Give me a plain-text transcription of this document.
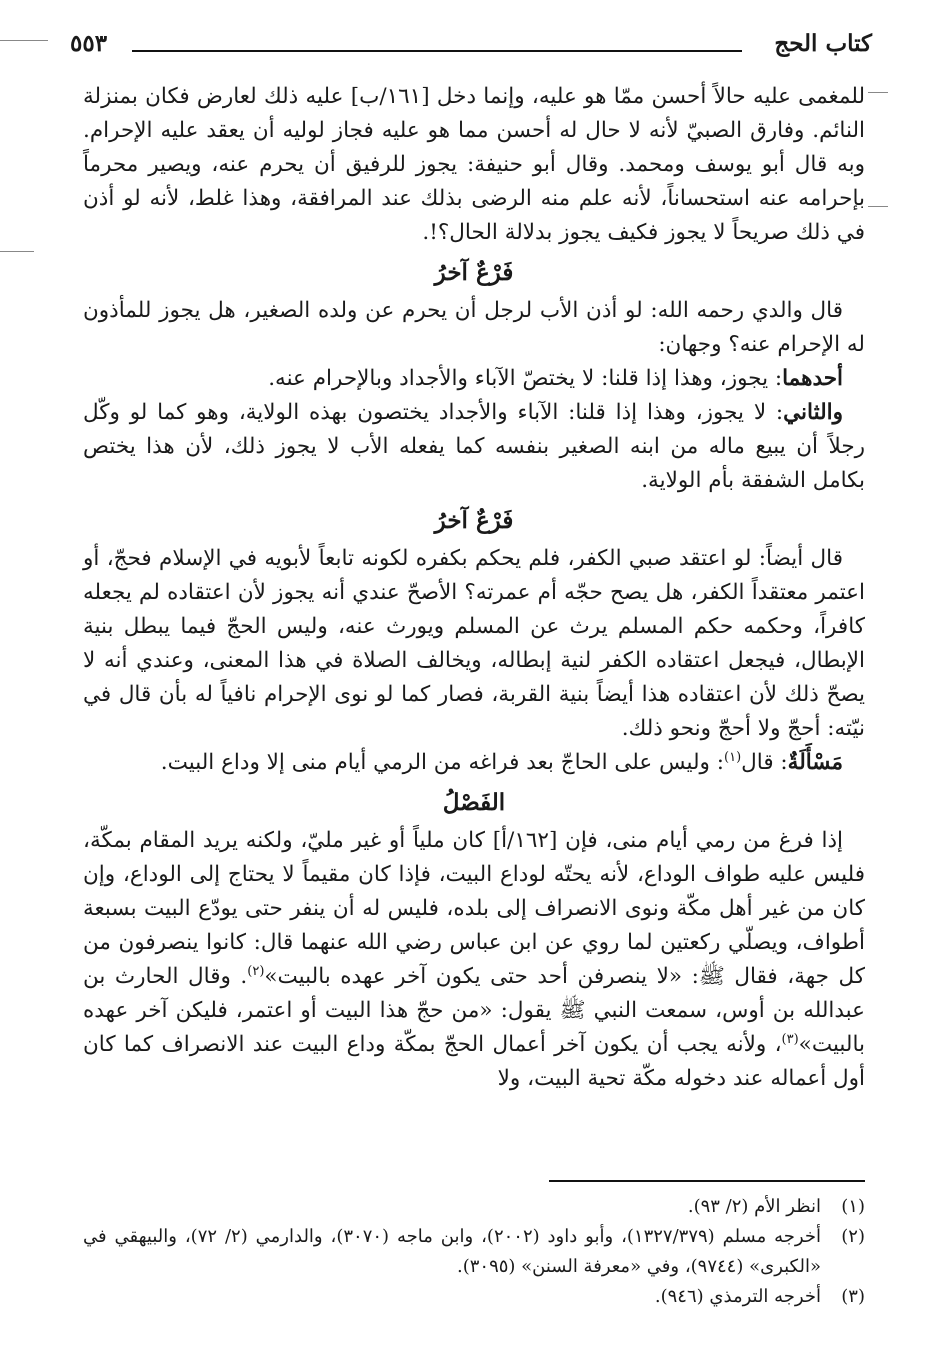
كتاب الحج
٥٥٣

للمغمى عليه حالاً أحسن ممّا هو عليه، وإنما دخل [١٦١/ب] عليه ذلك لعارض فكان بمنزلة النائم. وفارق الصبيّ لأنه لا حال له أحسن مما هو عليه فجاز لوليه أن يعقد عليه الإحرام. وبه قال أبو يوسف ومحمد. وقال أبو حنيفة: يجوز للرفيق أن يحرم عنه، ويصير محرماً بإحرامه عنه استحساناً، لأنه علم منه الرضى بذلك عند المرافقة، وهذا غلط، لأنه لو أذن في ذلك صريحاً لا يجوز فكيف يجوز بدلالة الحال؟!.

فَرْعٌ آخرُ

قال والدي رحمه الله: لو أذن الأب لرجل أن يحرم عن ولده الصغير، هل يجوز للمأذون له الإحرام عنه؟ وجهان:

أحدهما: يجوز، وهذا إذا قلنا: لا يختصّ الآباء والأجداد وبالإحرام عنه.

والثاني: لا يجوز، وهذا إذا قلنا: الآباء والأجداد يختصون بهذه الولاية، وهو كما لو وكّل رجلاً أن يبيع ماله من ابنه الصغير بنفسه كما يفعله الأب لا يجوز ذلك، لأن هذا يختص بكامل الشفقة بأم الولاية.

فَرْعٌ آخرُ

قال أيضاً: لو اعتقد صبي الكفر، فلم يحكم بكفره لكونه تابعاً لأبويه في الإسلام فحجّ، أو اعتمر معتقداً الكفر، هل يصح حجّه أم عمرته؟ الأصحّ عندي أنه يجوز لأن اعتقاده لم يجعله كافراً، وحكمه حكم المسلم يرث عن المسلم ويورث عنه، وليس الحجّ فيما يبطل بنية الإبطال، فيجعل اعتقاده الكفر لنية إبطاله، ويخالف الصلاة في هذا المعنى، وعندي أنه لا يصحّ ذلك لأن اعتقاده هذا أيضاً بنية القربة، فصار كما لو نوى الإحرام نافياً له بأن قال في نيّته: أحجّ ولا أحجّ ونحو ذلك.

مَسْأَلَةٌ: قال$^{(١)}$: وليس على الحاجّ بعد فراغه من الرمي أيام منى إلا وداع البيت.

الفَصْلُ

إذا فرغ من رمي أيام منى، فإن [١٦٢/أ] كان ملياً أو غير مليّ، ولكنه يريد المقام بمكّة، فليس عليه طواف الوداع، لأنه يحتّه لوداع البيت، فإذا كان مقيماً لا يحتاج إلى الوداع، وإن كان من غير أهل مكّة ونوى الانصراف إلى بلده، فليس له أن ينفر حتى يودّع البيت بسبعة أطواف، ويصلّي ركعتين لما روي عن ابن عباس رضي الله عنهما قال: كانوا ينصرفون من كل جهة، فقال ﷺ: «لا ينصرفن أحد حتى يكون آخر عهده بالبيت»$^{(٢)}$. وقال الحارث بن عبدالله بن أوس، سمعت النبي ﷺ يقول: «من حجّ هذا البيت أو اعتمر، فليكن آخر عهده بالبيت»$^{(٣)}$، ولأنه يجب أن يكون آخر أعمال الحجّ بمكّة وداع البيت عند الانصراف كما كان أول أعماله عند دخوله مكّة تحية البيت، ولا

(١)
انظر الأم (٢/ ٩٣).
(٢)
أخرجه مسلم (١٣٢٧/٣٧٩)، وأبو داود (٢٠٠٢)، وابن ماجه (٣٠٧٠)، والدارمي (٢/ ٧٢)، والبيهقي في «الكبرى» (٩٧٤٤)، وفي «معرفة السنن» (٣٠٩٥).
(٣)
أخرجه الترمذي (٩٤٦).
